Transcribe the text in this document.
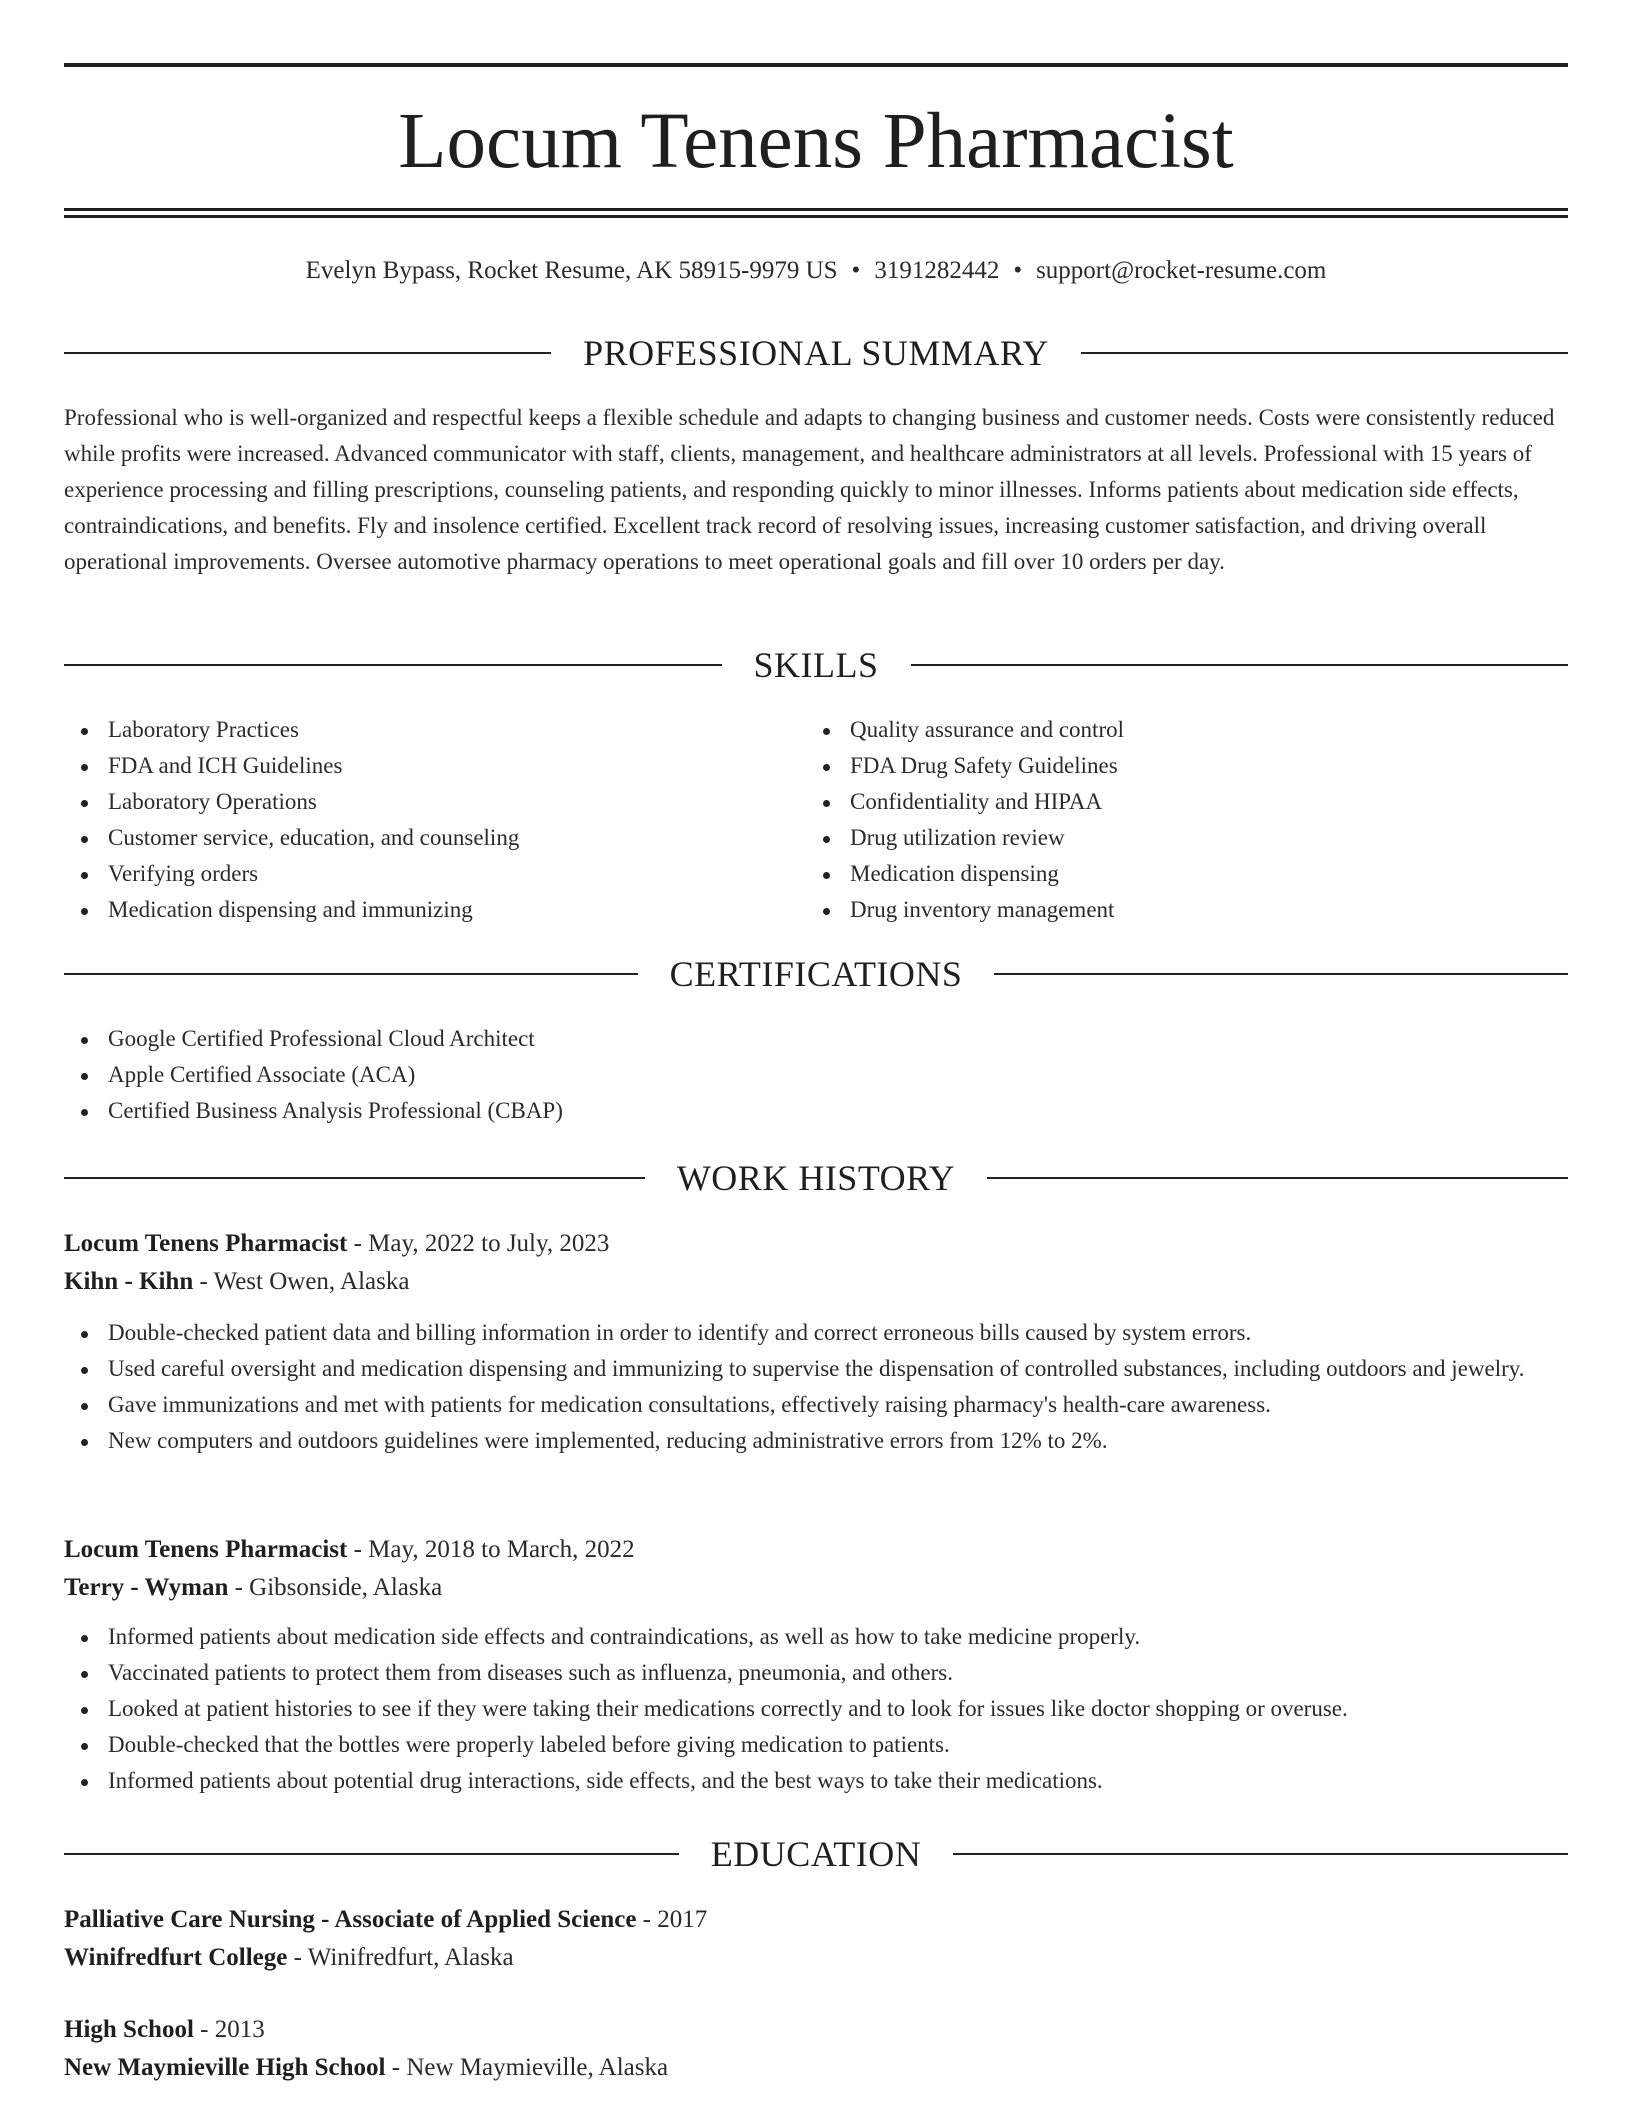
Locum Tenens Pharmacist
Evelyn Bypass, Rocket Resume, AK 58915-9979 US • 3191282442 • support@rocket-resume.com
PROFESSIONAL SUMMARY
Professional who is well-organized and respectful keeps a flexible schedule and adapts to changing business and customer needs. Costs were consistently reduced while profits were increased. Advanced communicator with staff, clients, management, and healthcare administrators at all levels. Professional with 15 years of experience processing and filling prescriptions, counseling patients, and responding quickly to minor illnesses. Informs patients about medication side effects, contraindications, and benefits. Fly and insolence certified. Excellent track record of resolving issues, increasing customer satisfaction, and driving overall operational improvements. Oversee automotive pharmacy operations to meet operational goals and fill over 10 orders per day.
SKILLS
Laboratory Practices
FDA and ICH Guidelines
Laboratory Operations
Customer service, education, and counseling
Verifying orders
Medication dispensing and immunizing
Quality assurance and control
FDA Drug Safety Guidelines
Confidentiality and HIPAA
Drug utilization review
Medication dispensing
Drug inventory management
CERTIFICATIONS
Google Certified Professional Cloud Architect
Apple Certified Associate (ACA)
Certified Business Analysis Professional (CBAP)
WORK HISTORY
Locum Tenens Pharmacist - May, 2022 to July, 2023
Kihn - Kihn - West Owen, Alaska
Double-checked patient data and billing information in order to identify and correct erroneous bills caused by system errors.
Used careful oversight and medication dispensing and immunizing to supervise the dispensation of controlled substances, including outdoors and jewelry.
Gave immunizations and met with patients for medication consultations, effectively raising pharmacy's health-care awareness.
New computers and outdoors guidelines were implemented, reducing administrative errors from 12% to 2%.
Locum Tenens Pharmacist - May, 2018 to March, 2022
Terry - Wyman - Gibsonside, Alaska
Informed patients about medication side effects and contraindications, as well as how to take medicine properly.
Vaccinated patients to protect them from diseases such as influenza, pneumonia, and others.
Looked at patient histories to see if they were taking their medications correctly and to look for issues like doctor shopping or overuse.
Double-checked that the bottles were properly labeled before giving medication to patients.
Informed patients about potential drug interactions, side effects, and the best ways to take their medications.
EDUCATION
Palliative Care Nursing - Associate of Applied Science - 2017
Winifredfurt College - Winifredfurt, Alaska
High School - 2013
New Maymieville High School - New Maymieville, Alaska
